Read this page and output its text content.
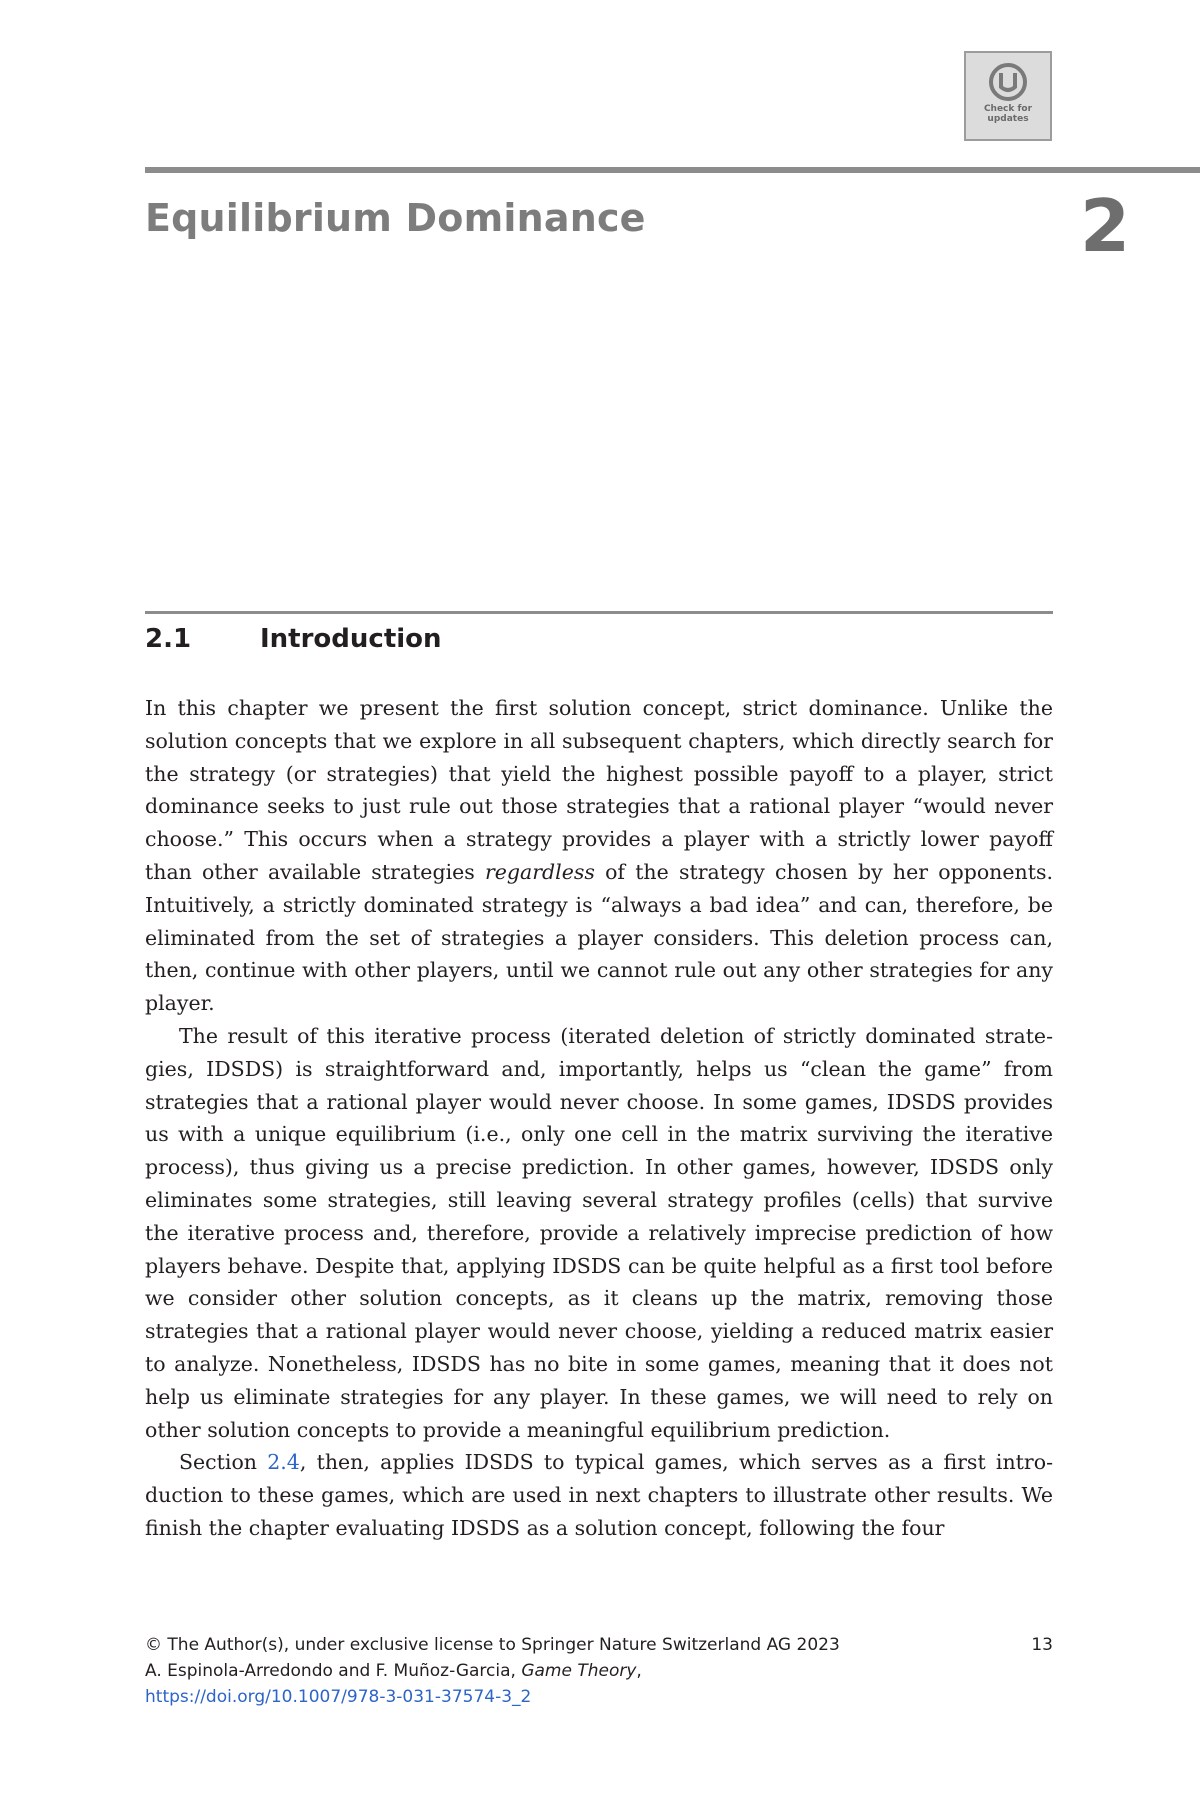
Check for
updates
Equilibrium Dominance	2
2.1	Introduction

In this chapter we present the first solution concept, strict dominance. Unlike the solution concepts that we explore in all subsequent chapters, which directly search for the strategy (or strategies) that yield the highest possible payoff to a player, strict dominance seeks to just rule out those strategies that a rational player “would never choose.” This occurs when a strategy provides a player with a strictly lower payoff than other available strategies regardless of the strategy chosen by her opponents. Intuitively, a strictly dominated strategy is “always a bad idea” and can, therefore, be eliminated from the set of strategies a player considers. This deletion process can, then, continue with other players, until we cannot rule out any other strategies for any player.

The result of this iterative process (iterated deletion of strictly dominated strategies, IDSDS) is straightforward and, importantly, helps us “clean the game” from strategies that a rational player would never choose. In some games, IDSDS provides us with a unique equilibrium (i.e., only one cell in the matrix surviving the iterative process), thus giving us a precise prediction. In other games, however, IDSDS only eliminates some strategies, still leaving several strategy profiles (cells) that survive the iterative process and, therefore, provide a relatively imprecise prediction of how players behave. Despite that, applying IDSDS can be quite helpful as a first tool before we consider other solution concepts, as it cleans up the matrix, removing those strategies that a rational player would never choose, yielding a reduced matrix easier to analyze. Nonetheless, IDSDS has no bite in some games, meaning that it does not help us eliminate strategies for any player. In these games, we will need to rely on other solution concepts to provide a meaningful equilibrium prediction.

Section 2.4, then, applies IDSDS to typical games, which serves as a first introduction to these games, which are used in next chapters to illustrate other results. We finish the chapter evaluating IDSDS as a solution concept, following the four

© The Author(s), under exclusive license to Springer Nature Switzerland AG 2023	13
A. Espinola-Arredondo and F. Muñoz-Garcia, Game Theory,
https://doi.org/10.1007/978-3-031-37574-3_2
